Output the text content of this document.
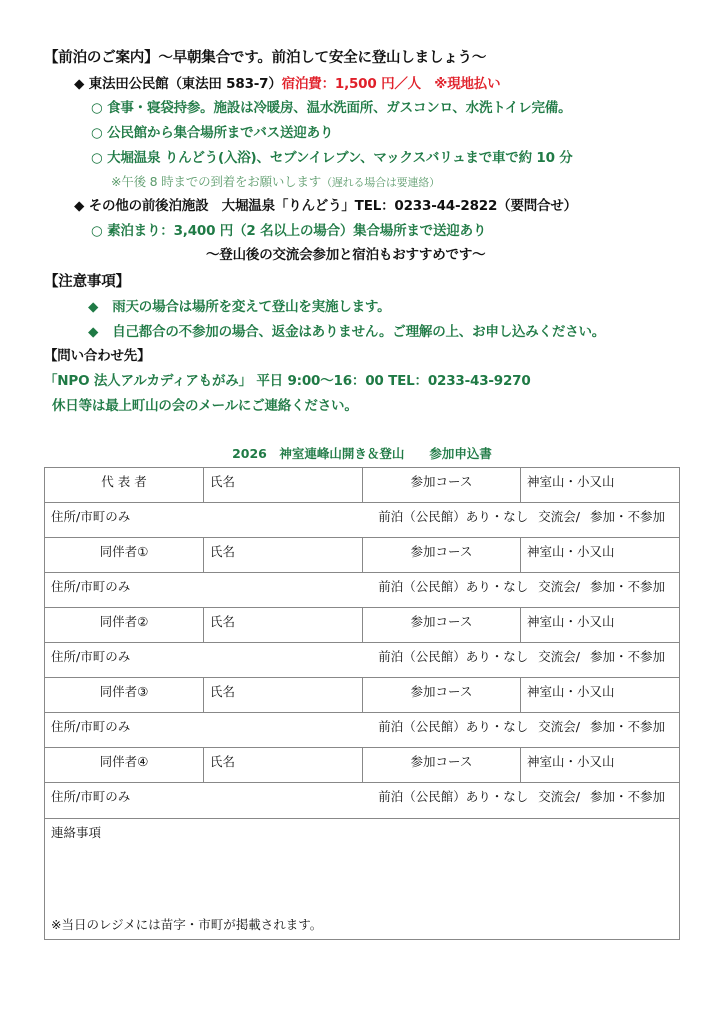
【前泊のご案内】～早朝集合です。前泊して安全に登山しましょう～
◆ 東法田公民館（東法田 583-7）宿泊費：1,500 円／人　※現地払い
○ 食事・寝袋持参。施設は冷暖房、温水洗面所、ガスコンロ、水洗トイレ完備。
○ 公民館から集合場所までバス送迎あり
○ 大堀温泉 りんどう(入浴)、セブンイレブン、マックスバリュまで車で約 10 分
※午後 8 時までの到着をお願いします（遅れる場合は要連絡）
◆ その他の前後泊施設　大堀温泉「りんどう」TEL：0233-44-2822（要問合せ）
○ 素泊まり：3,400 円（2 名以上の場合）集合場所まで送迎あり
～登山後の交流会参加と宿泊もおすすめです～
【注意事項】
◆ 雨天の場合は場所を変えて登山を実施します。
◆ 自己都合の不参加の場合、返金はありません。ご理解の上、お申し込みください。
【問い合わせ先】
「NPO 法人アルカディアもがみ」 平日 9:00～16：00 TEL：0233-43-9270
休日等は最上町山の会のメールにご連絡ください。
2026　神室連峰山開き＆登山　　参加申込書
代 表 者	氏名	参加コース	神室山・小又山
住所/市町のみ	前泊（公民館）あり・なし 交流会/ 参加・不参加
同伴者①	氏名	参加コース	神室山・小又山
住所/市町のみ	前泊（公民館）あり・なし 交流会/ 参加・不参加
同伴者②	氏名	参加コース	神室山・小又山
住所/市町のみ	前泊（公民館）あり・なし 交流会/ 参加・不参加
同伴者③	氏名	参加コース	神室山・小又山
住所/市町のみ	前泊（公民館）あり・なし 交流会/ 参加・不参加
同伴者④	氏名	参加コース	神室山・小又山
住所/市町のみ	前泊（公民館）あり・なし 交流会/ 参加・不参加
連絡事項
※当日のレジメには苗字・市町が掲載されます。
